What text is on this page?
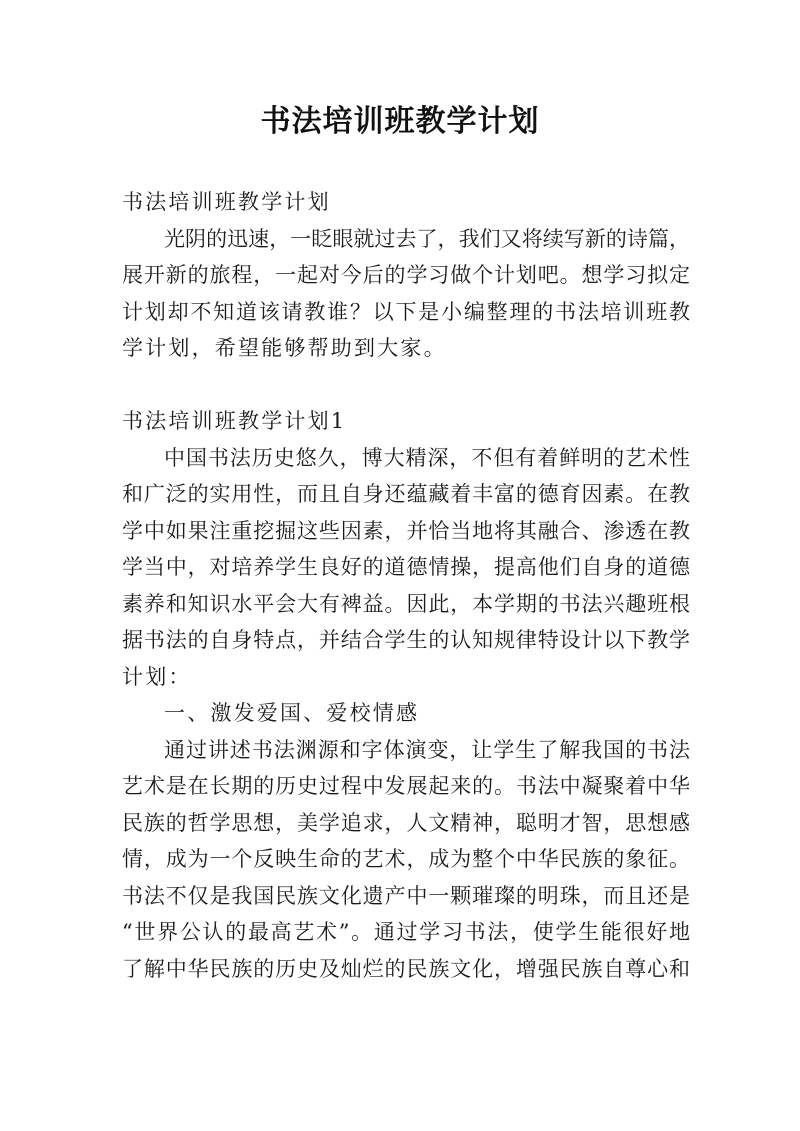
书法培训班教学计划
书法培训班教学计划
光阴的迅速，一眨眼就过去了，我们又将续写新的诗篇，
展开新的旅程，一起对今后的学习做个计划吧。想学习拟定
计划却不知道该请教谁？以下是小编整理的书法培训班教
学计划，希望能够帮助到大家。
书法培训班教学计划1
中国书法历史悠久，博大精深，不但有着鲜明的艺术性
和广泛的实用性，而且自身还蕴藏着丰富的德育因素。在教
学中如果注重挖掘这些因素，并恰当地将其融合、渗透在教
学当中，对培养学生良好的道德情操，提高他们自身的道德
素养和知识水平会大有裨益。因此，本学期的书法兴趣班根
据书法的自身特点，并结合学生的认知规律特设计以下教学
计划：
一、激发爱国、爱校情感
通过讲述书法渊源和字体演变，让学生了解我国的书法
艺术是在长期的历史过程中发展起来的。书法中凝聚着中华
民族的哲学思想，美学追求，人文精神，聪明才智，思想感
情，成为一个反映生命的艺术，成为整个中华民族的象征。
书法不仅是我国民族文化遗产中一颗璀璨的明珠，而且还是
“世界公认的最高艺术”。通过学习书法，使学生能很好地
了解中华民族的历史及灿烂的民族文化，增强民族自尊心和
